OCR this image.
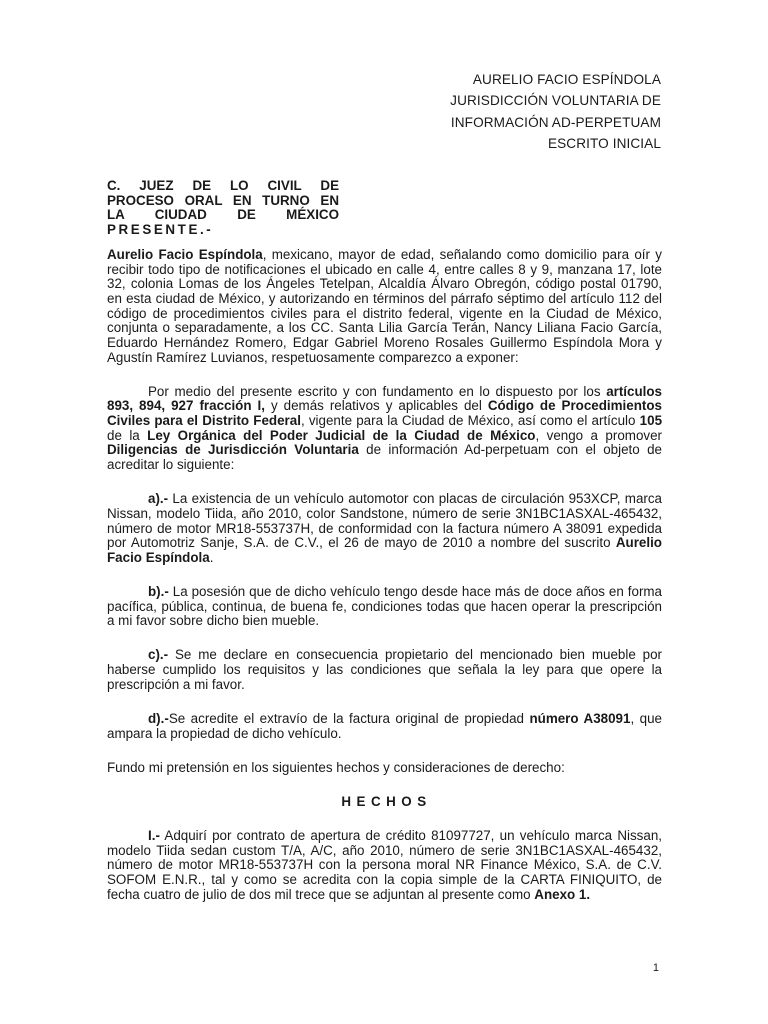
AURELIO FACIO ESPÍNDOLA
JURISDICCIÓN VOLUNTARIA DE
INFORMACIÓN AD-PERPETUAM
ESCRITO INICIAL
C. JUEZ DE LO CIVIL DE
PROCESO ORAL EN TURNO EN
LA CIUDAD DE MÉXICO
PRESENTE.-

Aurelio Facio Espíndola, mexicano, mayor de edad, señalando como domicilio para oír y recibir todo tipo de notificaciones el ubicado en calle 4, entre calles 8 y 9, manzana 17, lote 32, colonia Lomas de los Ángeles Tetelpan, Alcaldía Álvaro Obregón, código postal 01790, en esta ciudad de México, y autorizando en términos del párrafo séptimo del artículo 112 del código de procedimientos civiles para el distrito federal, vigente en la Ciudad de México, conjunta o separadamente, a los CC. Santa Lilia García Terán, Nancy Liliana Facio García, Eduardo Hernández Romero, Edgar Gabriel Moreno Rosales Guillermo Espíndola Mora y Agustín Ramírez Luvianos, respetuosamente comparezco a exponer:

Por medio del presente escrito y con fundamento en lo dispuesto por los artículos 893, 894, 927 fracción I, y demás relativos y aplicables del Código de Procedimientos Civiles para el Distrito Federal, vigente para la Ciudad de México, así como el artículo 105 de la Ley Orgánica del Poder Judicial de la Ciudad de México, vengo a promover Diligencias de Jurisdicción Voluntaria de información Ad-perpetuam con el objeto de acreditar lo siguiente:

a).- La existencia de un vehículo automotor con placas de circulación 953XCP, marca Nissan, modelo Tiida, año 2010, color Sandstone, número de serie 3N1BC1ASXAL-465432, número de motor MR18-553737H, de conformidad con la factura número A 38091 expedida por Automotriz Sanje, S.A. de C.V., el 26 de mayo de 2010 a nombre del suscrito Aurelio Facio Espíndola.

b).- La posesión que de dicho vehículo tengo desde hace más de doce años en forma pacífica, pública, continua, de buena fe, condiciones todas que hacen operar la prescripción a mi favor sobre dicho bien mueble.

c).- Se me declare en consecuencia propietario del mencionado bien mueble por haberse cumplido los requisitos y las condiciones que señala la ley para que opere la prescripción a mi favor.

d).-Se acredite el extravío de la factura original de propiedad número A38091, que ampara la propiedad de dicho vehículo.

Fundo mi pretensión en los siguientes hechos y consideraciones de derecho:

HECHOS

I.- Adquirí por contrato de apertura de crédito 81097727, un vehículo marca Nissan, modelo Tiida sedan custom T/A, A/C, año 2010, número de serie 3N1BC1ASXAL-465432, número de motor MR18-553737H con la persona moral NR Finance México, S.A. de C.V. SOFOM E.N.R., tal y como se acredita con la copia simple de la CARTA FINIQUITO, de fecha cuatro de julio de dos mil trece que se adjuntan al presente como Anexo 1.

1
